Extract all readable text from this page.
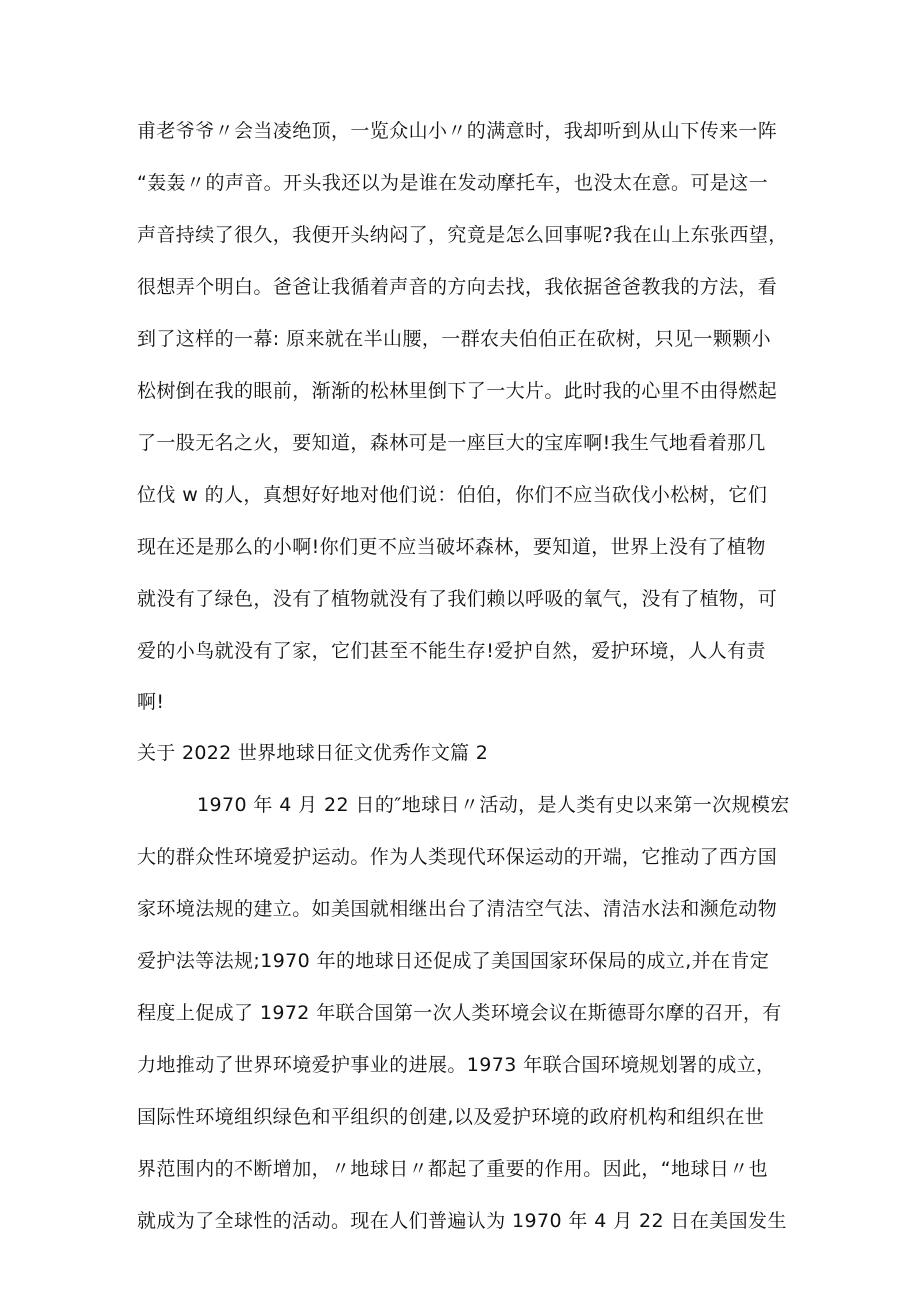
甫老爷爷〃会当凌绝顶，一览众山小〃的满意时，我却听到从山下传来一阵
“轰轰〃的声音。开头我还以为是谁在发动摩托车，也没太在意。可是这一
声音持续了很久，我便开头纳闷了，究竟是怎么回事呢?我在山上东张西望，
很想弄个明白。爸爸让我循着声音的方向去找，我依据爸爸教我的方法，看
到了这样的一幕: 原来就在半山腰，一群农夫伯伯正在砍树，只见一颗颗小
松树倒在我的眼前，渐渐的松林里倒下了一大片。此时我的心里不由得燃起
了一股无名之火，要知道，森林可是一座巨大的宝库啊!我生气地看着那几
位伐 w 的人，真想好好地对他们说：伯伯，你们不应当砍伐小松树，它们
现在还是那么的小啊!你们更不应当破坏森林，要知道，世界上没有了植物
就没有了绿色，没有了植物就没有了我们赖以呼吸的氧气，没有了植物，可
爱的小鸟就没有了家，它们甚至不能生存!爱护自然，爱护环境，人人有责
啊!
关于 2022 世界地球日征文优秀作文篇 2
1970 年 4 月 22 日的″地球日〃活动，是人类有史以来第一次规模宏
大的群众性环境爱护运动。作为人类现代环保运动的开端，它推动了西方国
家环境法规的建立。如美国就相继出台了清洁空气法、清洁水法和濒危动物
爱护法等法规;1970 年的地球日还促成了美国国家环保局的成立,并在肯定
程度上促成了 1972 年联合国第一次人类环境会议在斯德哥尔摩的召开，有
力地推动了世界环境爱护事业的进展。1973 年联合国环境规划署的成立，
国际性环境组织绿色和平组织的创建,以及爱护环境的政府机构和组织在世
界范围内的不断增加，〃地球日〃都起了重要的作用。因此，“地球日〃也
就成为了全球性的活动。现在人们普遍认为 1970 年 4 月 22 日在美国发生
